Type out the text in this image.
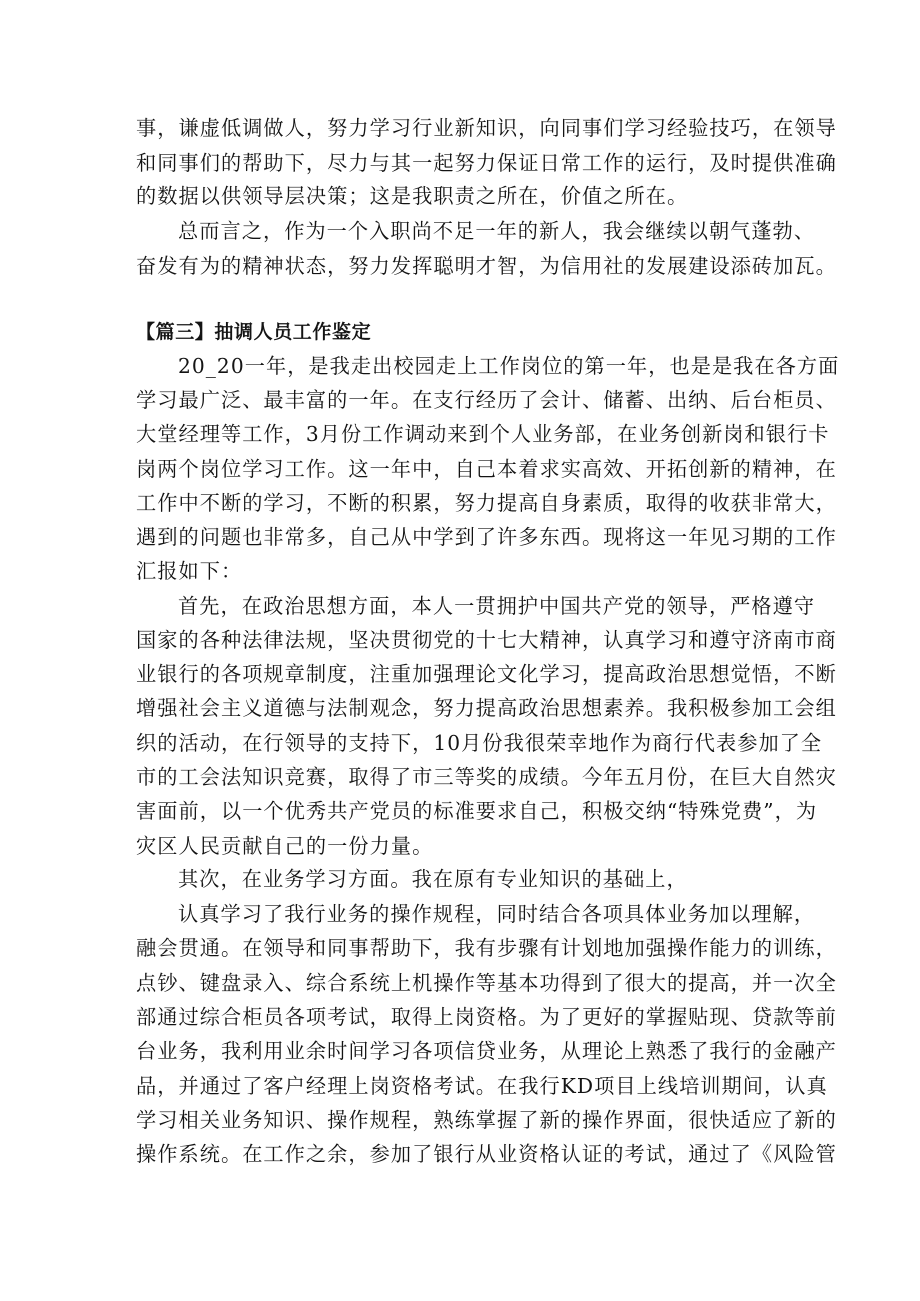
事，谦虚低调做人，努力学习行业新知识，向同事们学习经验技巧，在领导

和同事们的帮助下，尽力与其一起努力保证日常工作的运行，及时提供准确

的数据以供领导层决策；这是我职责之所在，价值之所在。

总而言之，作为一个入职尚不足一年的新人，我会继续以朝气蓬勃、

奋发有为的精神状态，努力发挥聪明才智，为信用社的发展建设添砖加瓦。

【篇三】抽调人员工作鉴定

20_20一年，是我走出校园走上工作岗位的第一年，也是是我在各方面

学习最广泛、最丰富的一年。在支行经历了会计、储蓄、出纳、后台柜员、

大堂经理等工作，3月份工作调动来到个人业务部，在业务创新岗和银行卡

岗两个岗位学习工作。这一年中，自己本着求实高效、开拓创新的精神，在

工作中不断的学习，不断的积累，努力提高自身素质，取得的收获非常大，

遇到的问题也非常多，自己从中学到了许多东西。现将这一年见习期的工作

汇报如下：

首先，在政治思想方面，本人一贯拥护中国共产党的领导，严格遵守

国家的各种法律法规，坚决贯彻党的十七大精神，认真学习和遵守济南市商

业银行的各项规章制度，注重加强理论文化学习，提高政治思想觉悟，不断

增强社会主义道德与法制观念，努力提高政治思想素养。我积极参加工会组

织的活动，在行领导的支持下，10月份我很荣幸地作为商行代表参加了全

市的工会法知识竞赛，取得了市三等奖的成绩。今年五月份，在巨大自然灾

害面前，以一个优秀共产党员的标准要求自己，积极交纳“特殊党费”，为

灾区人民贡献自己的一份力量。

其次，在业务学习方面。我在原有专业知识的基础上，

认真学习了我行业务的操作规程，同时结合各项具体业务加以理解，

融会贯通。在领导和同事帮助下，我有步骤有计划地加强操作能力的训练，

点钞、键盘录入、综合系统上机操作等基本功得到了很大的提高，并一次全

部通过综合柜员各项考试，取得上岗资格。为了更好的掌握贴现、贷款等前

台业务，我利用业余时间学习各项信贷业务，从理论上熟悉了我行的金融产

品，并通过了客户经理上岗资格考试。在我行KD项目上线培训期间，认真

学习相关业务知识、操作规程，熟练掌握了新的操作界面，很快适应了新的

操作系统。在工作之余，参加了银行从业资格认证的考试，通过了《风险管
